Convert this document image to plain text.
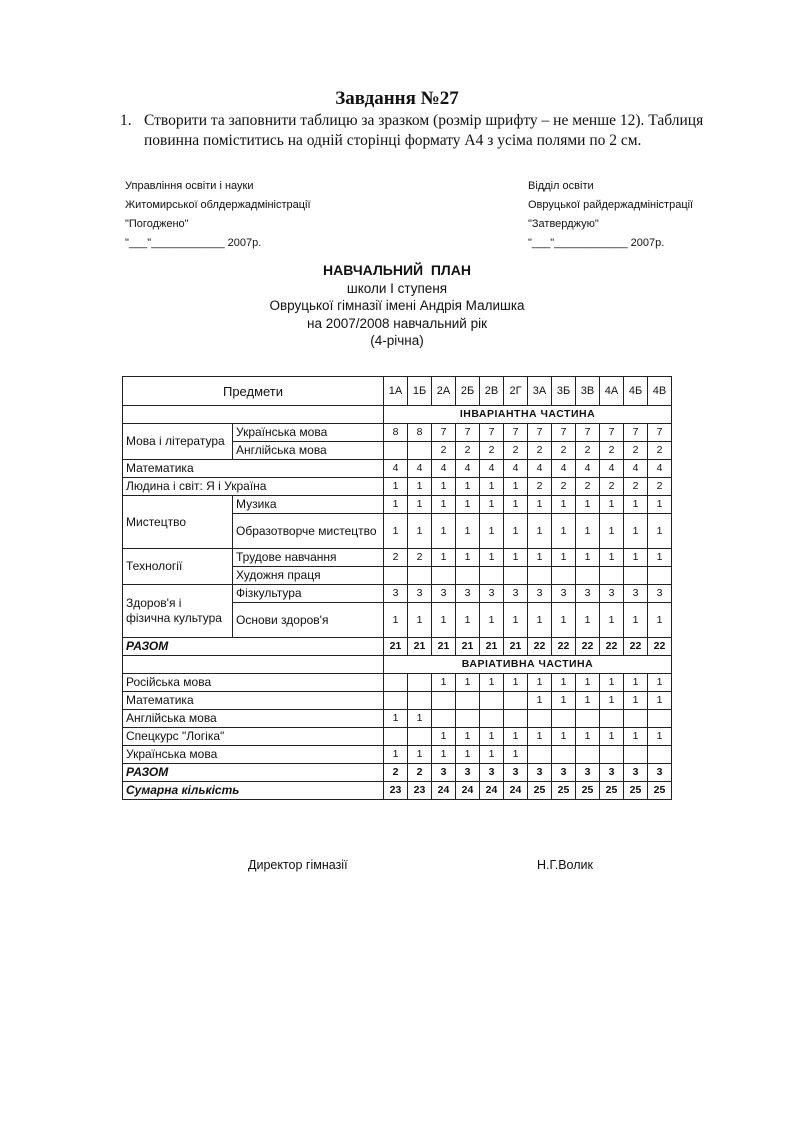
Завдання №27
1. Створити та заповнити таблицю за зразком (розмір шрифту – не менше 12). Таблиця повинна поміститись на одній сторінці формату А4 з усіма полями по 2 см.
Управління освіти і науки
Житомирської облдержадміністрації
"Погоджено"
"___"____________ 2007р.
Відділ освіти
Овруцької райдержадміністрації
"Затверджую"
"___"____________ 2007р.
НАВЧАЛЬНИЙ  ПЛАН
школи I ступеня
Овруцької гімназії імені Андрія Малишка
на 2007/2008 навчальний рік
(4-річна)
Предмети		1А	1Б	2А	2Б	2В	2Г	3А	3Б	3В	4А	4Б	4В
		ІНВАРІАНТНА ЧАСТИНА											
Мова і література	Українська мова	8	8	7	7	7	7	7	7	7	7	7	7
	Англійська мова			2	2	2	2	2	2	2	2	2	2
Математика		4	4	4	4	4	4	4	4	4	4	4	4
Людина і світ: Я і Україна		1	1	1	1	1	1	2	2	2	2	2	2
Мистецтво	Музика	1	1	1	1	1	1	1	1	1	1	1	1
	Образотворче мистецтво	1	1	1	1	1	1	1	1	1	1	1	1
Технології	Трудове навчання	2	2	1	1	1	1	1	1	1	1	1	1
	Художня праця												
Здоров'я і фізична культура	Фізкультура	3	3	3	3	3	3	3	3	3	3	3	3
	Основи здоров'я	1	1	1	1	1	1	1	1	1	1	1	1
РАЗОМ		21	21	21	21	21	21	22	22	22	22	22	22
		ВАРІАТИВНА ЧАСТИНА											
Російська мова				1	1	1	1	1	1	1	1	1	1
Математика								1	1	1	1	1	1
Англійська мова		1	1										
Спецкурс "Логіка"				1	1	1	1	1	1	1	1	1	1
Українська мова		1	1	1	1	1	1						
РАЗОМ		2	2	3	3	3	3	3	3	3	3	3	3
Сумарна кількість		23	23	24	24	24	24	25	25	25	25	25	25
Директор гімназії	Н.Г.Волик
